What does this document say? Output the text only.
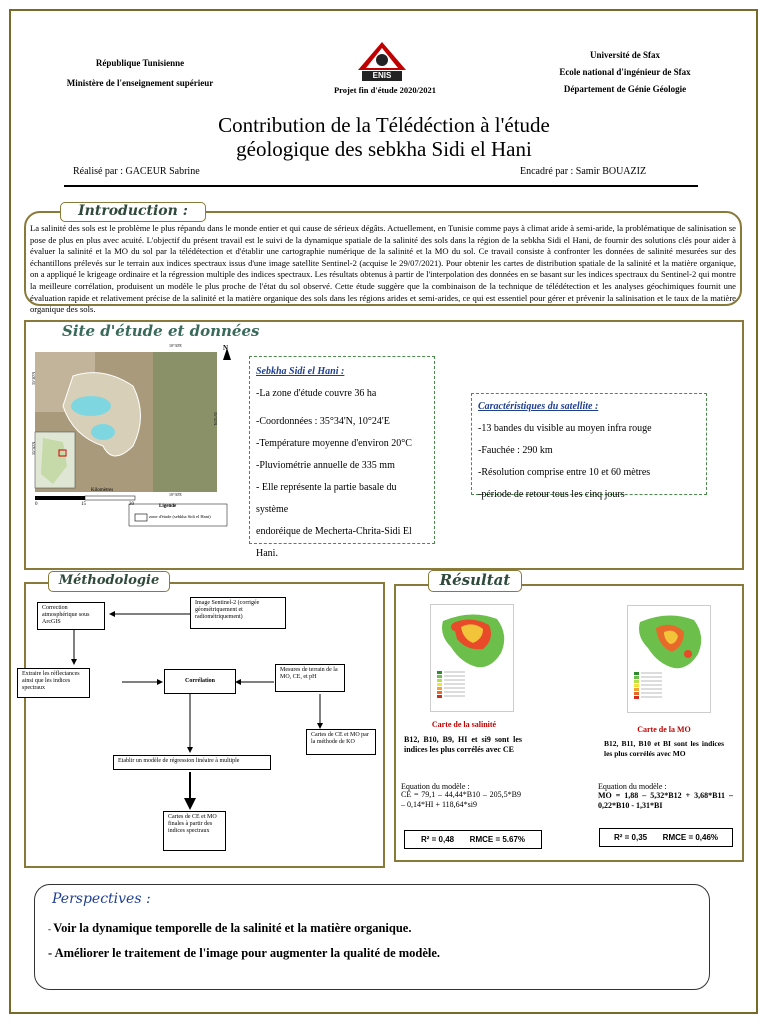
République Tunisienne
Ministère de l'enseignement supérieur
ENIS
Projet fin d'étude 2020/2021
Université de Sfax
Ecole national d'ingénieur de Sfax
Département de Génie Géologie
Contribution de la Télédéction à l'étude
géologique des sebkha Sidi el Hani
Réalisé par : GACEUR Sabrine	Encadré par : Samir BOUAZIZ
Introduction :
La salinité des sols est le problème le plus répandu dans le monde entier et qui cause de sérieux dégâts. Actuellement, en Tunisie comme pays à climat aride à semi-aride, la problématique de salinisation se pose de plus en plus avec acuité. L'objectif du présent travail est le suivi de la dynamique spatiale de la salinité des sols dans la région de la sebkha Sidi el Hani, de fournir des solutions clés pour aider à évaluer la salinité et la MO du sol par la télédétection et d'établir une cartographie numérique de la salinité et la MO du sol. Ce travail consiste à confronter les données de salinité mesurées sur des échantillons prélevés sur le terrain aux indices spectraux issus d'une image satellite Sentinel-2 (acquise le 29/07/2021). Pour obtenir les cartes de distribution spatiale de la salinité et la matière organique, on a appliqué le krigeage ordinaire et la régression multiple des indices spectraux. Les résultats obtenus à partir de l'interpolation des données en se basant sur les indices spectraux du Sentinel-2 qui montre la meilleure corrélation, produisent un modèle le plus proche de l'état du sol observé. Cette étude suggère que la combinaison de la technique de télédétection et les analyses géochimiques fournit une évaluation rapide et relativement précise de la salinité et la matière organique des sols dans les régions arides et semi-arides, ce qui est essentiel pour gérer et prévenir la salinisation et le taux de la matière organique des sols.
Site d'étude et données
N
10°30'E
10°30'E
35°40'N
35°30'N
35°35'N
Kilomètres
0	15	30	Ligende
zone d'étude (sebkha Sidi el Hani)
Sebkha Sidi el Hani :
-La zone d'étude couvre 36 ha
-Coordonnées : 35°34'N, 10°24'E
-Température moyenne d'environ 20°C
-Pluviométrie annuelle de 335 mm
- Elle représente la partie basale du système
endoréique de Mecherta-Chrita-Sidi El Hani.
Caractéristiques du satellite :
-13 bandes du visible au moyen infra rouge
-Fauchée : 290 km
-Résolution comprise entre 10 et 60 mètres
-période de retour tous les cinq jours
Méthodologie
Correction atmosphérique sous ArcGIS
Image Sentinel-2 (corrigée géométriquement et radiométriquement)
Extraire les réflectances ainsi que les indices spectraux
Corrélation
Mesures de terrain de la MO, CE, et pH
Cartes de CE et MO par la méthode de KO
Etablir un modèle de régression linéaire à multiple
Cartes de CE et MO finales à partir des indices spectraux
Résultat
Carte de la salinité
B12, B10, B9, HI et si9 sont les indices les plus corrélés avec CE
Equation du modèle :
CE = 79,1 – 44,44*B10 – 205,5*B9 – 0,14*HI + 118,64*si9
R² = 0,48 RMCE = 5.67%
Carte de la MO
B12, B11, B10 et BI sont les indices les plus corrélés avec MO
Equation du modèle :
MO = 1,88 – 5,32*B12 + 3,68*B11 – 0,22*B10 - 1,31*BI
R² = 0,35 RMCE = 0,46%
Perspectives :
- Voir la dynamique temporelle de la salinité et la matière organique.
- Améliorer le traitement de l'image pour augmenter la qualité de modèle.
